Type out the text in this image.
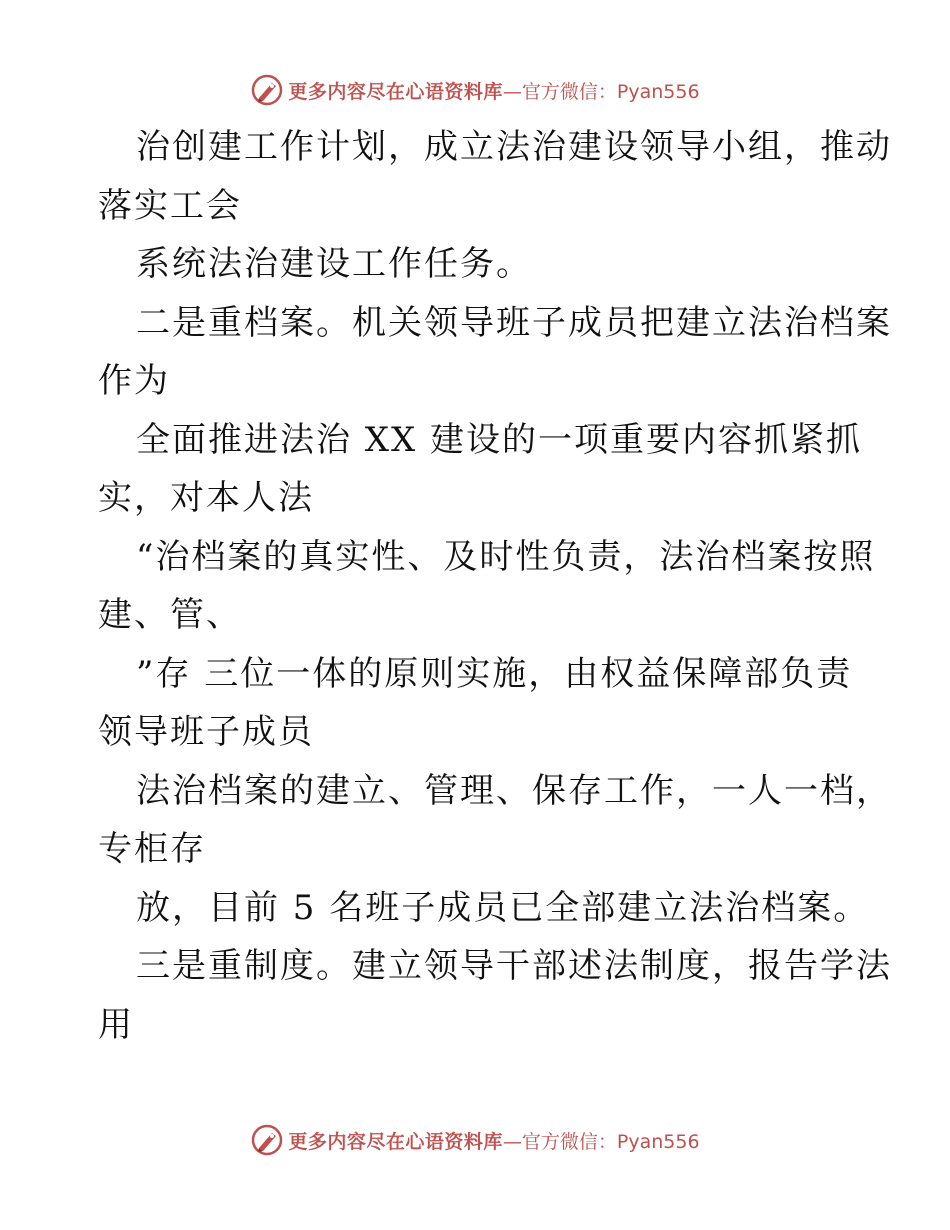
更多内容尽在心语资料库 —官方微信：Pyan556
治创建工作计划，成立法治建设领导小组，推动
落实工会
系统法治建设工作任务。
二是重档案。机关领导班子成员把建立法治档案
作为
全面推进法治 XX 建设的一项重要内容抓紧抓
实，对本人法
“治档案的真实性、及时性负责，法治档案按照
建、管、
”存 三位一体的原则实施，由权益保障部负责
领导班子成员
法治档案的建立、管理、保存工作，一人一档，
专柜存
放，目前 5 名班子成员已全部建立法治档案。
三是重制度。建立领导干部述法制度，报告学法
用
更多内容尽在心语资料库 —官方微信：Pyan556
